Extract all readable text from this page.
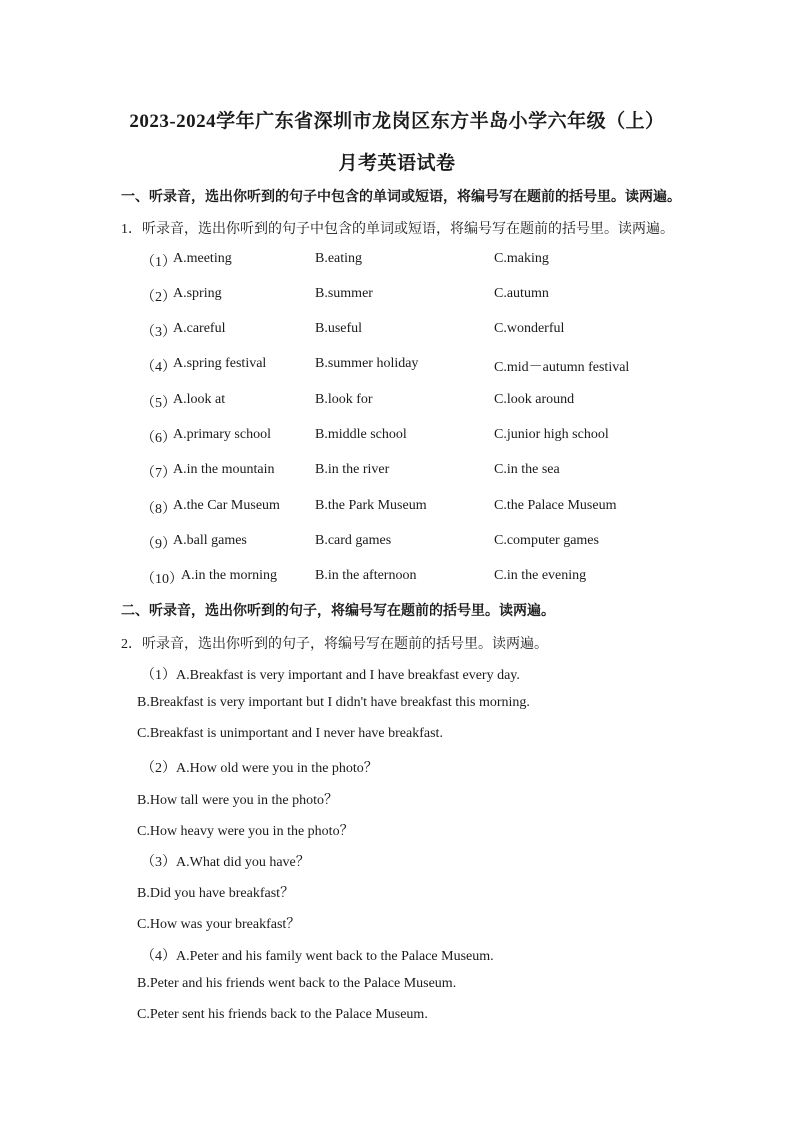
2023-2024学年广东省深圳市龙岗区东方半岛小学六年级（上）
月考英语试卷
一、听录音，选出你听到的句子中包含的单词或短语，将编号写在题前的括号里。读两遍。
1．听录音，选出你听到的句子中包含的单词或短语，将编号写在题前的括号里。读两遍。
（1）
A.meeting	B.eating	C.making
（2）
A.spring	B.summer	C.autumn
（3）
A.careful	B.useful	C.wonderful
（4）
A.spring festival	B.summer holiday	C.mid－autumn festival
（5）
A.look at	B.look for	C.look around
（6）
A.primary school	B.middle school	C.junior high school
（7）
A.in the mountain	B.in the river	C.in the sea
（8）
A.the Car Museum	B.the Park Museum	C.the Palace Museum
（9）
A.ball games	B.card games	C.computer games
（10）
A.in the morning	B.in the afternoon	C.in the evening
二、听录音，选出你听到的句子，将编号写在题前的括号里。读两遍。
2．听录音，选出你听到的句子，将编号写在题前的括号里。读两遍。
（1）A.Breakfast is very important and I have breakfast every day.
B.Breakfast is very important but I didn't have breakfast this morning.
C.Breakfast is unimportant and I never have breakfast.
（2）A.How old were you in the photo？
B.How tall were you in the photo？
C.How heavy were you in the photo？
（3）A.What did you have？
B.Did you have breakfast？
C.How was your breakfast？
（4）A.Peter and his family went back to the Palace Museum.
B.Peter and his friends went back to the Palace Museum.
C.Peter sent his friends back to the Palace Museum.
